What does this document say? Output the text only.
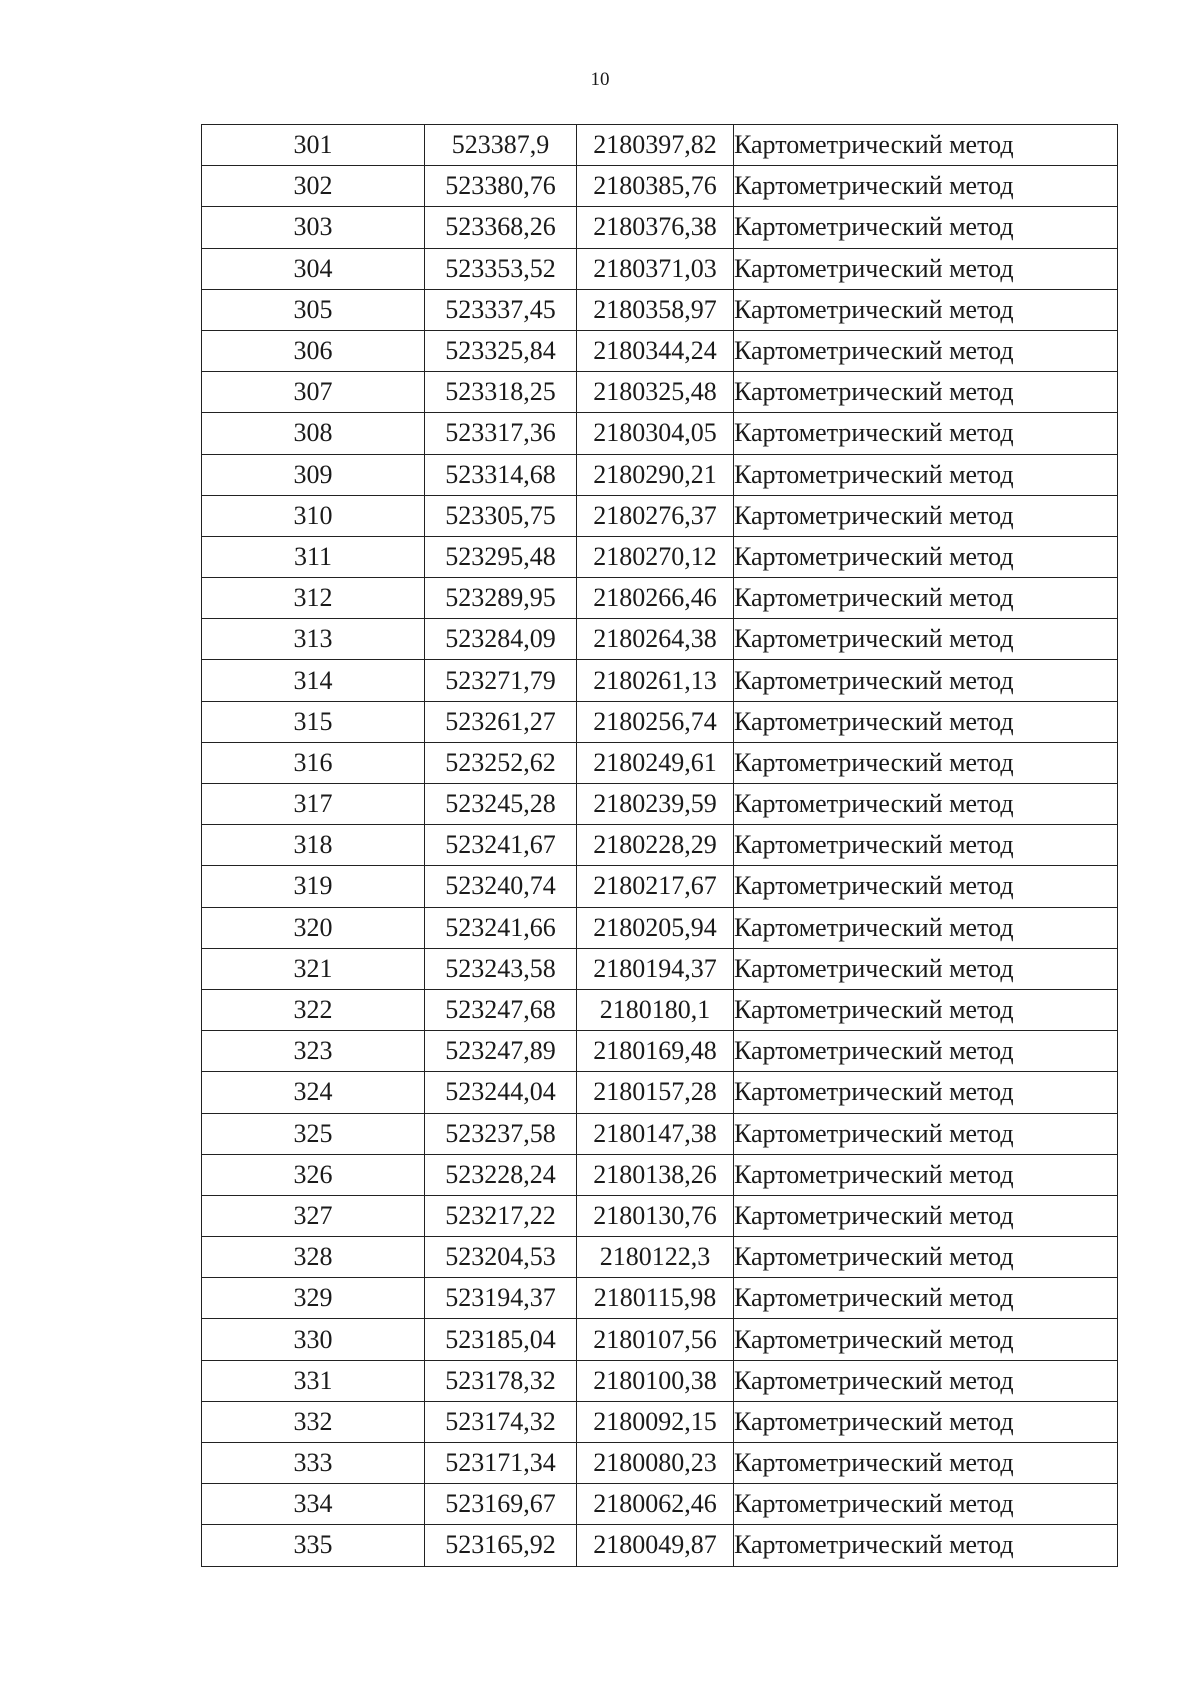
10
301	523387,9	2180397,82	Картометрический метод
302	523380,76	2180385,76	Картометрический метод
303	523368,26	2180376,38	Картометрический метод
304	523353,52	2180371,03	Картометрический метод
305	523337,45	2180358,97	Картометрический метод
306	523325,84	2180344,24	Картометрический метод
307	523318,25	2180325,48	Картометрический метод
308	523317,36	2180304,05	Картометрический метод
309	523314,68	2180290,21	Картометрический метод
310	523305,75	2180276,37	Картометрический метод
311	523295,48	2180270,12	Картометрический метод
312	523289,95	2180266,46	Картометрический метод
313	523284,09	2180264,38	Картометрический метод
314	523271,79	2180261,13	Картометрический метод
315	523261,27	2180256,74	Картометрический метод
316	523252,62	2180249,61	Картометрический метод
317	523245,28	2180239,59	Картометрический метод
318	523241,67	2180228,29	Картометрический метод
319	523240,74	2180217,67	Картометрический метод
320	523241,66	2180205,94	Картометрический метод
321	523243,58	2180194,37	Картометрический метод
322	523247,68	2180180,1	Картометрический метод
323	523247,89	2180169,48	Картометрический метод
324	523244,04	2180157,28	Картометрический метод
325	523237,58	2180147,38	Картометрический метод
326	523228,24	2180138,26	Картометрический метод
327	523217,22	2180130,76	Картометрический метод
328	523204,53	2180122,3	Картометрический метод
329	523194,37	2180115,98	Картометрический метод
330	523185,04	2180107,56	Картометрический метод
331	523178,32	2180100,38	Картометрический метод
332	523174,32	2180092,15	Картометрический метод
333	523171,34	2180080,23	Картометрический метод
334	523169,67	2180062,46	Картометрический метод
335	523165,92	2180049,87	Картометрический метод
